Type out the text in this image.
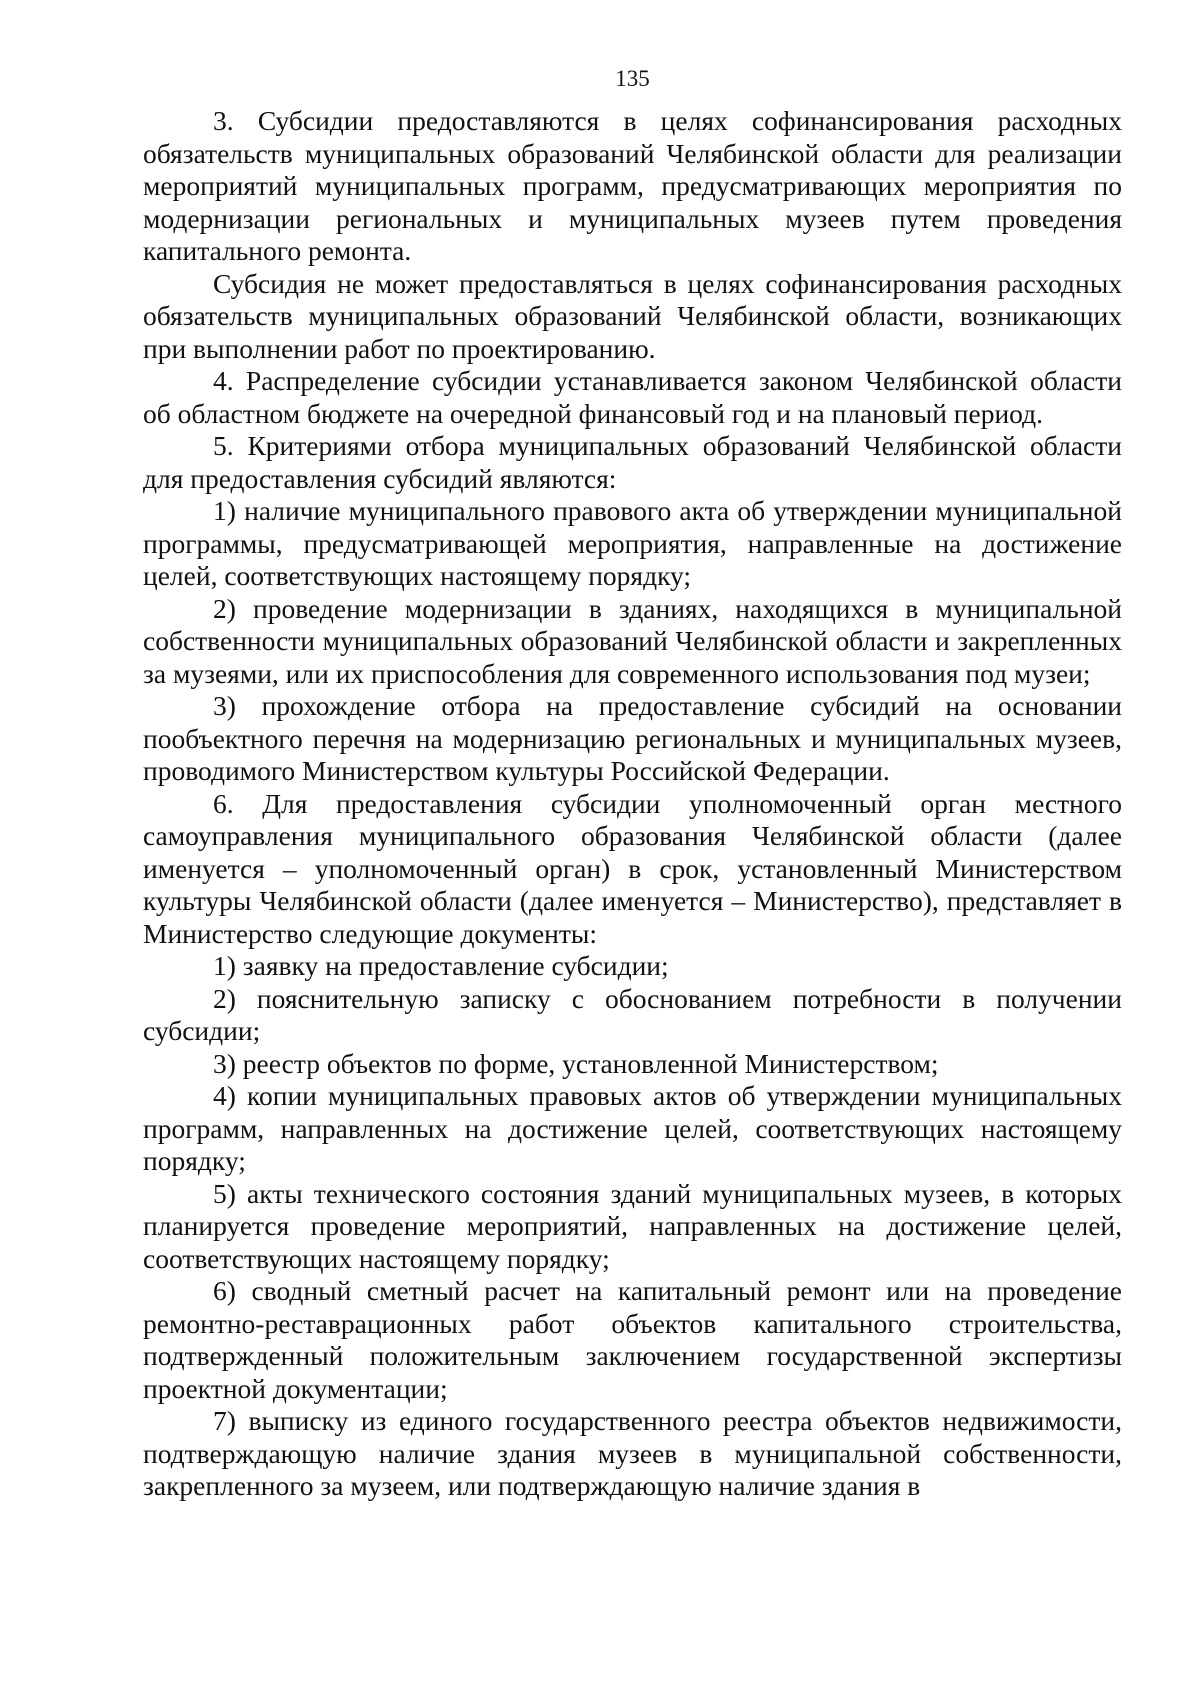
135

3. Субсидии предоставляются в целях софинансирования расходных обязательств муниципальных образований Челябинской области для реализации мероприятий муниципальных программ, предусматривающих мероприятия по модернизации региональных и муниципальных музеев путем проведения капитального ремонта.

Субсидия не может предоставляться в целях софинансирования расходных обязательств муниципальных образований Челябинской области, возникающих при выполнении работ по проектированию.

4. Распределение субсидии устанавливается законом Челябинской области об областном бюджете на очередной финансовый год и на плановый период.

5. Критериями отбора муниципальных образований Челябинской области для предоставления субсидий являются:

1) наличие муниципального правового акта об утверждении муниципальной программы, предусматривающей мероприятия, направленные на достижение целей, соответствующих настоящему порядку;

2) проведение модернизации в зданиях, находящихся в муниципальной собственности муниципальных образований Челябинской области и закрепленных за музеями, или их приспособления для современного использования под музеи;

3) прохождение отбора на предоставление субсидий на основании пообъектного перечня на модернизацию региональных и муниципальных музеев, проводимого Министерством культуры Российской Федерации.

6. Для предоставления субсидии уполномоченный орган местного самоуправления муниципального образования Челябинской области (далее именуется – уполномоченный орган) в срок, установленный Министерством культуры Челябинской области (далее именуется – Министерство), представляет в Министерство следующие документы:

1) заявку на предоставление субсидии;

2) пояснительную записку с обоснованием потребности в получении субсидии;

3) реестр объектов по форме, установленной Министерством;

4) копии муниципальных правовых актов об утверждении муниципальных программ, направленных на достижение целей, соответствующих настоящему порядку;

5) акты технического состояния зданий муниципальных музеев, в которых планируется проведение мероприятий, направленных на достижение целей, соответствующих настоящему порядку;

6) сводный сметный расчет на капитальный ремонт или на проведение ремонтно-реставрационных работ объектов капитального строительства, подтвержденный положительным заключением государственной экспертизы проектной документации;

7) выписку из единого государственного реестра объектов недвижимости, подтверждающую наличие здания музеев в муниципальной собственности, закрепленного за музеем, или подтверждающую наличие здания в
